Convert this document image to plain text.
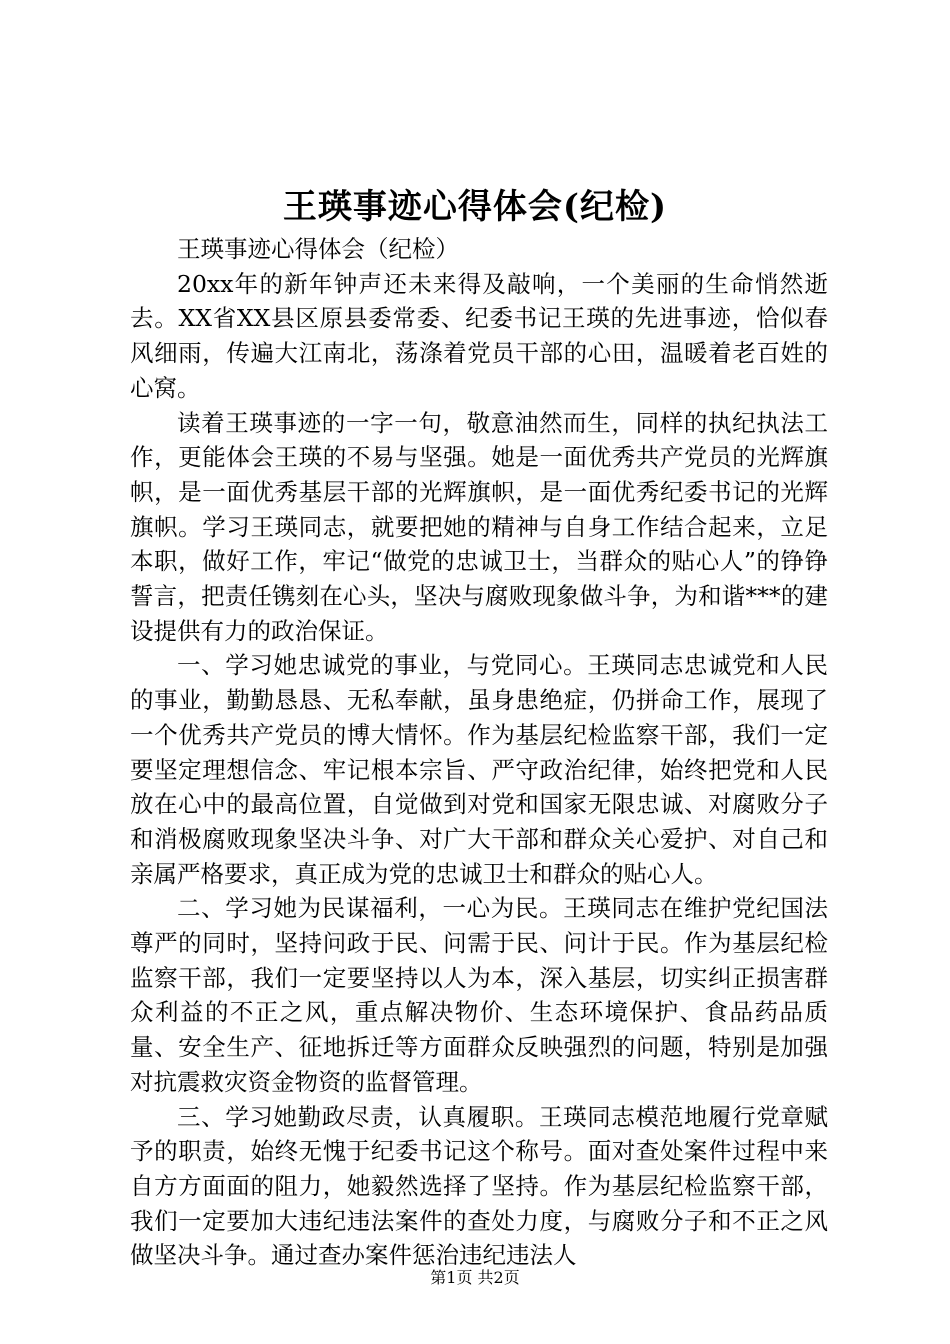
王瑛事迹心得体会(纪检)

王瑛事迹心得体会（纪检）

20xx年的新年钟声还未来得及敲响，一个美丽的生命悄然逝去。XX省XX县区原县委常委、纪委书记王瑛的先进事迹，恰似春风细雨，传遍大江南北，荡涤着党员干部的心田，温暖着老百姓的心窝。

读着王瑛事迹的一字一句，敬意油然而生，同样的执纪执法工作，更能体会王瑛的不易与坚强。她是一面优秀共产党员的光辉旗帜，是一面优秀基层干部的光辉旗帜，是一面优秀纪委书记的光辉旗帜。学习王瑛同志，就要把她的精神与自身工作结合起来，立足本职，做好工作，牢记“做党的忠诚卫士，当群众的贴心人”的铮铮誓言，把责任镌刻在心头，坚决与腐败现象做斗争，为和谐***的建设提供有力的政治保证。

一、学习她忠诚党的事业，与党同心。王瑛同志忠诚党和人民的事业，勤勤恳恳、无私奉献，虽身患绝症，仍拼命工作，展现了一个优秀共产党员的博大情怀。作为基层纪检监察干部，我们一定要坚定理想信念、牢记根本宗旨、严守政治纪律，始终把党和人民放在心中的最高位置，自觉做到对党和国家无限忠诚、对腐败分子和消极腐败现象坚决斗争、对广大干部和群众关心爱护、对自己和亲属严格要求，真正成为党的忠诚卫士和群众的贴心人。

二、学习她为民谋福利，一心为民。王瑛同志在维护党纪国法尊严的同时，坚持问政于民、问需于民、问计于民。作为基层纪检监察干部，我们一定要坚持以人为本，深入基层，切实纠正损害群众利益的不正之风，重点解决物价、生态环境保护、食品药品质量、安全生产、征地拆迁等方面群众反映强烈的问题，特别是加强对抗震救灾资金物资的监督管理。

三、学习她勤政尽责，认真履职。王瑛同志模范地履行党章赋予的职责，始终无愧于纪委书记这个称号。面对查处案件过程中来自方方面面的阻力，她毅然选择了坚持。作为基层纪检监察干部，我们一定要加大违纪违法案件的查处力度，与腐败分子和不正之风做坚决斗争。通过查办案件惩治违纪违法人

第1页 共2页
